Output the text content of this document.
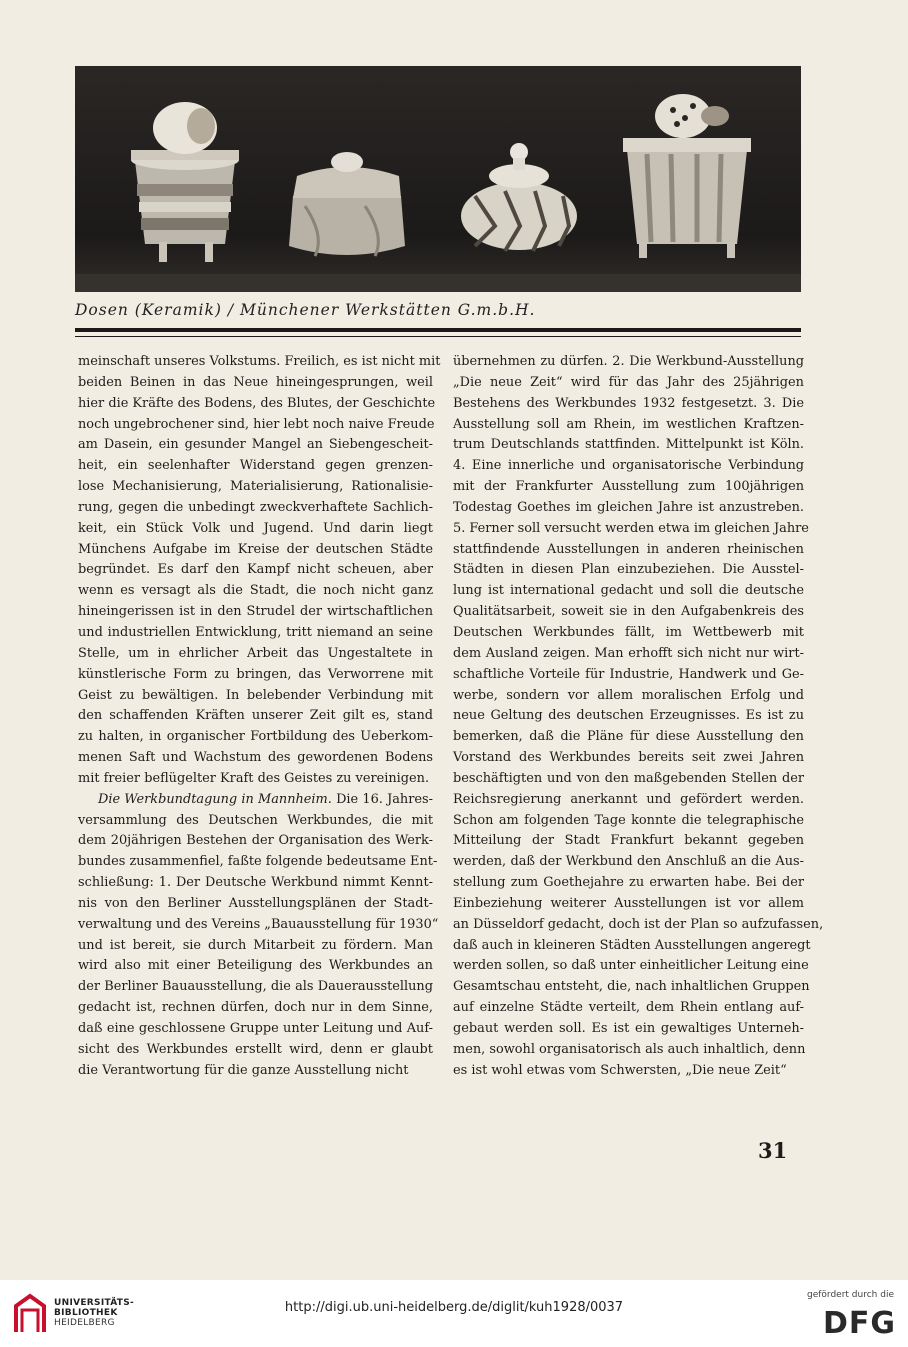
Dosen (Keramik) / Münchener Werkstätten G.m.b.H.

meinschaft unseres Volkstums. Freilich, es ist nicht mit
beiden Beinen in das Neue hineingesprungen, weil
hier die Kräfte des Bodens, des Blutes, der Geschichte
noch ungebrochener sind, hier lebt noch naive Freude
am Dasein, ein gesunder Mangel an Siebengescheit-
heit, ein seelenhafter Widerstand gegen grenzen-
lose Mechanisierung, Materialisierung, Rationalisie-
rung, gegen die unbedingt zweckverhaftete Sachlich-
keit, ein Stück Volk und Jugend. Und darin liegt
Münchens Aufgabe im Kreise der deutschen Städte
begründet. Es darf den Kampf nicht scheuen, aber
wenn es versagt als die Stadt, die noch nicht ganz
hineingerissen ist in den Strudel der wirtschaftlichen
und industriellen Entwicklung, tritt niemand an seine
Stelle, um in ehrlicher Arbeit das Ungestaltete in
künstlerische Form zu bringen, das Verworrene mit
Geist zu bewältigen. In belebender Verbindung mit
den schaffenden Kräften unserer Zeit gilt es, stand
zu halten, in organischer Fortbildung des Ueberkom-
menen Saft und Wachstum des gewordenen Bodens
mit freier beflügelter Kraft des Geistes zu vereinigen.

Die Werkbundtagung in Mannheim. Die 16. Jahres-
versammlung des Deutschen Werkbundes, die mit
dem 20jährigen Bestehen der Organisation des Werk-
bundes zusammenfiel, faßte folgende bedeutsame Ent-
schließung: 1. Der Deutsche Werkbund nimmt Kennt-
nis von den Berliner Ausstellungsplänen der Stadt-
verwaltung und des Vereins „Bauausstellung für 1930“
und ist bereit, sie durch Mitarbeit zu fördern. Man
wird also mit einer Beteiligung des Werkbundes an
der Berliner Bauausstellung, die als Dauerausstellung
gedacht ist, rechnen dürfen, doch nur in dem Sinne,
daß eine geschlossene Gruppe unter Leitung und Auf-
sicht des Werkbundes erstellt wird, denn er glaubt
die Verantwortung für die ganze Ausstellung nicht

übernehmen zu dürfen. 2. Die Werkbund-Ausstellung
„Die neue Zeit“ wird für das Jahr des 25jährigen
Bestehens des Werkbundes 1932 festgesetzt. 3. Die
Ausstellung soll am Rhein, im westlichen Kraftzen-
trum Deutschlands stattfinden. Mittelpunkt ist Köln.
4. Eine innerliche und organisatorische Verbindung
mit der Frankfurter Ausstellung zum 100jährigen
Todestag Goethes im gleichen Jahre ist anzustreben.
5. Ferner soll versucht werden etwa im gleichen Jahre
stattfindende Ausstellungen in anderen rheinischen
Städten in diesen Plan einzubeziehen. Die Ausstel-
lung ist international gedacht und soll die deutsche
Qualitätsarbeit, soweit sie in den Aufgabenkreis des
Deutschen Werkbundes fällt, im Wettbewerb mit
dem Ausland zeigen. Man erhofft sich nicht nur wirt-
schaftliche Vorteile für Industrie, Handwerk und Ge-
werbe, sondern vor allem moralischen Erfolg und
neue Geltung des deutschen Erzeugnisses. Es ist zu
bemerken, daß die Pläne für diese Ausstellung den
Vorstand des Werkbundes bereits seit zwei Jahren
beschäftigten und von den maßgebenden Stellen der
Reichsregierung anerkannt und gefördert werden.
Schon am folgenden Tage konnte die telegraphische
Mitteilung der Stadt Frankfurt bekannt gegeben
werden, daß der Werkbund den Anschluß an die Aus-
stellung zum Goethejahre zu erwarten habe. Bei der
Einbeziehung weiterer Ausstellungen ist vor allem
an Düsseldorf gedacht, doch ist der Plan so aufzufassen,
daß auch in kleineren Städten Ausstellungen angeregt
werden sollen, so daß unter einheitlicher Leitung eine
Gesamtschau entsteht, die, nach inhaltlichen Gruppen
auf einzelne Städte verteilt, dem Rhein entlang auf-
gebaut werden soll. Es ist ein gewaltiges Unterneh-
men, sowohl organisatorisch als auch inhaltlich, denn
es ist wohl etwas vom Schwersten, „Die neue Zeit“

31
UNIVERSITÄTS-
BIBLIOTHEK
HEIDELBERG
http://digi.ub.uni-heidelberg.de/diglit/kuh1928/0037
gefördert durch die
DFG
